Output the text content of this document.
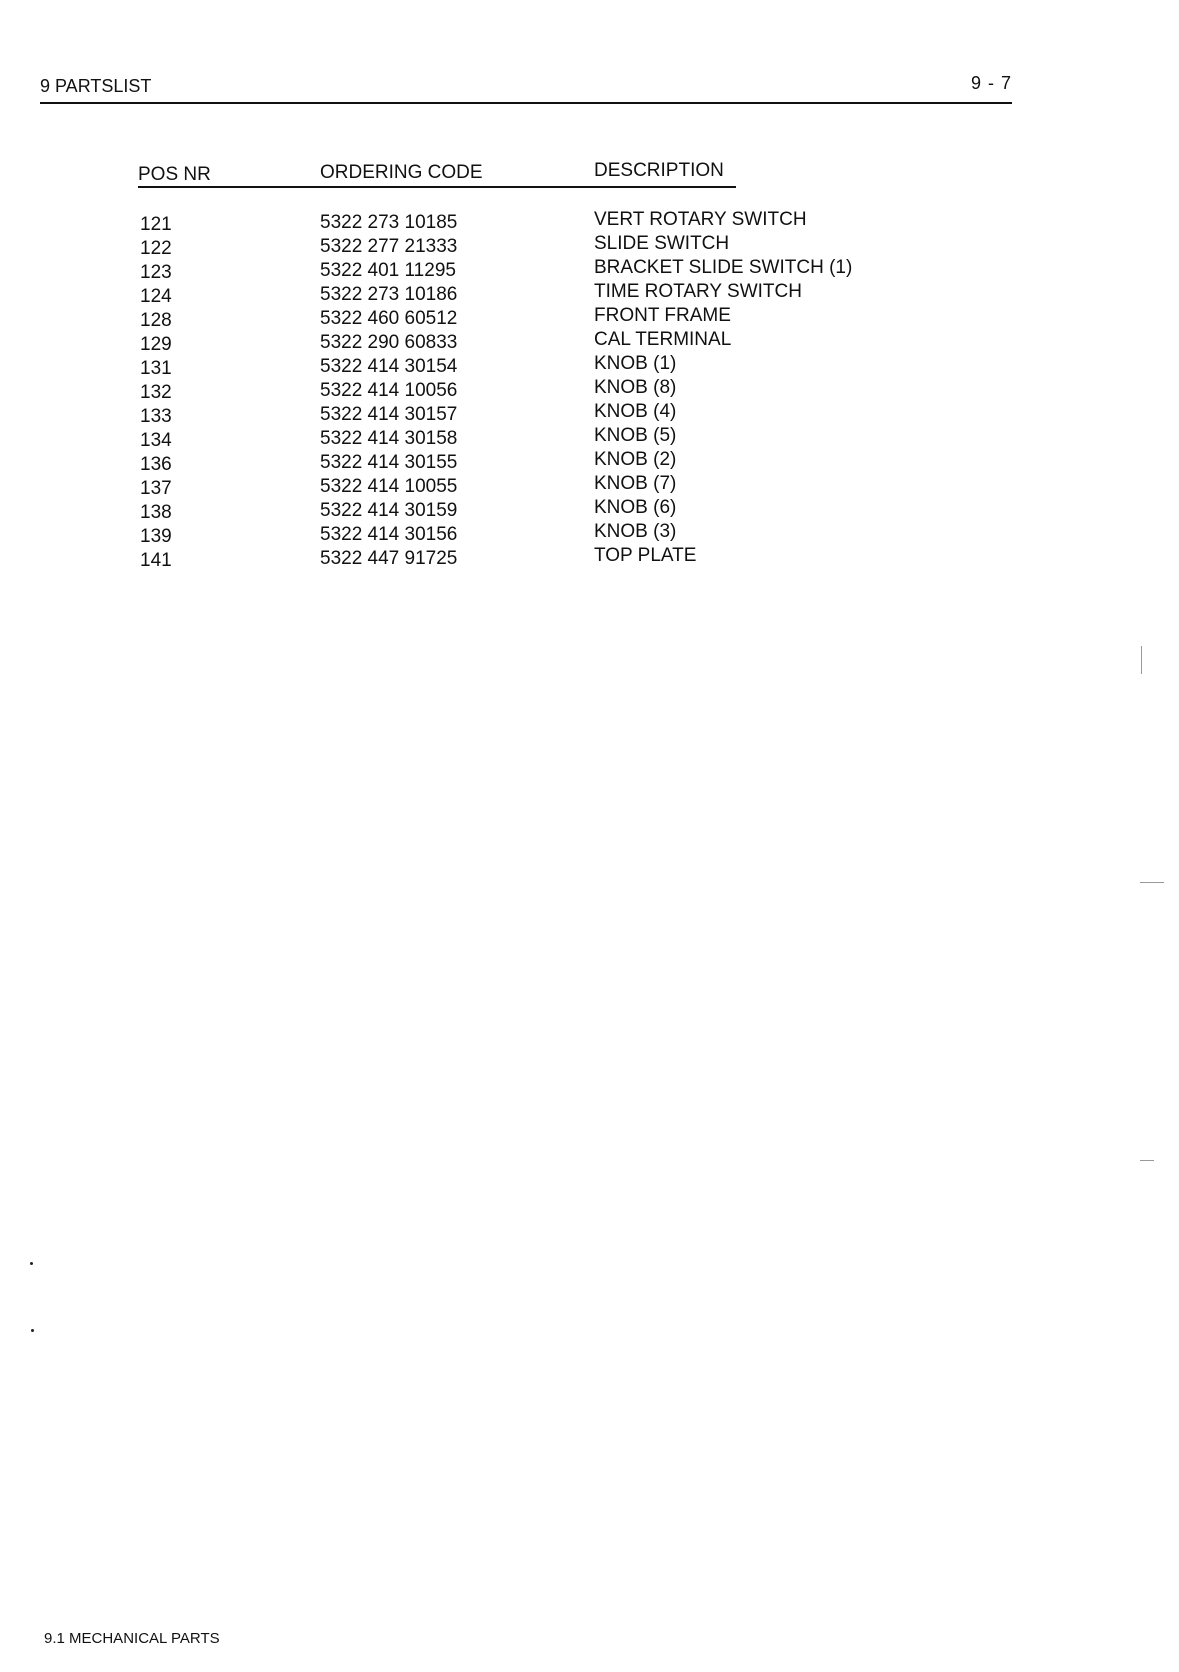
9 PARTSLIST	9 - 7
POS NR	ORDERING CODE	DESCRIPTION
121	5322 273 10185	VERT ROTARY SWITCH
122	5322 277 21333	SLIDE SWITCH
123	5322 401 11295	BRACKET SLIDE SWITCH (1)
124	5322 273 10186	TIME ROTARY SWITCH
128	5322 460 60512	FRONT FRAME
129	5322 290 60833	CAL TERMINAL
131	5322 414 30154	KNOB (1)
132	5322 414 10056	KNOB (8)
133	5322 414 30157	KNOB (4)
134	5322 414 30158	KNOB (5)
136	5322 414 30155	KNOB (2)
137	5322 414 10055	KNOB (7)
138	5322 414 30159	KNOB (6)
139	5322 414 30156	KNOB (3)
141	5322 447 91725	TOP PLATE
9.1 MECHANICAL PARTS
